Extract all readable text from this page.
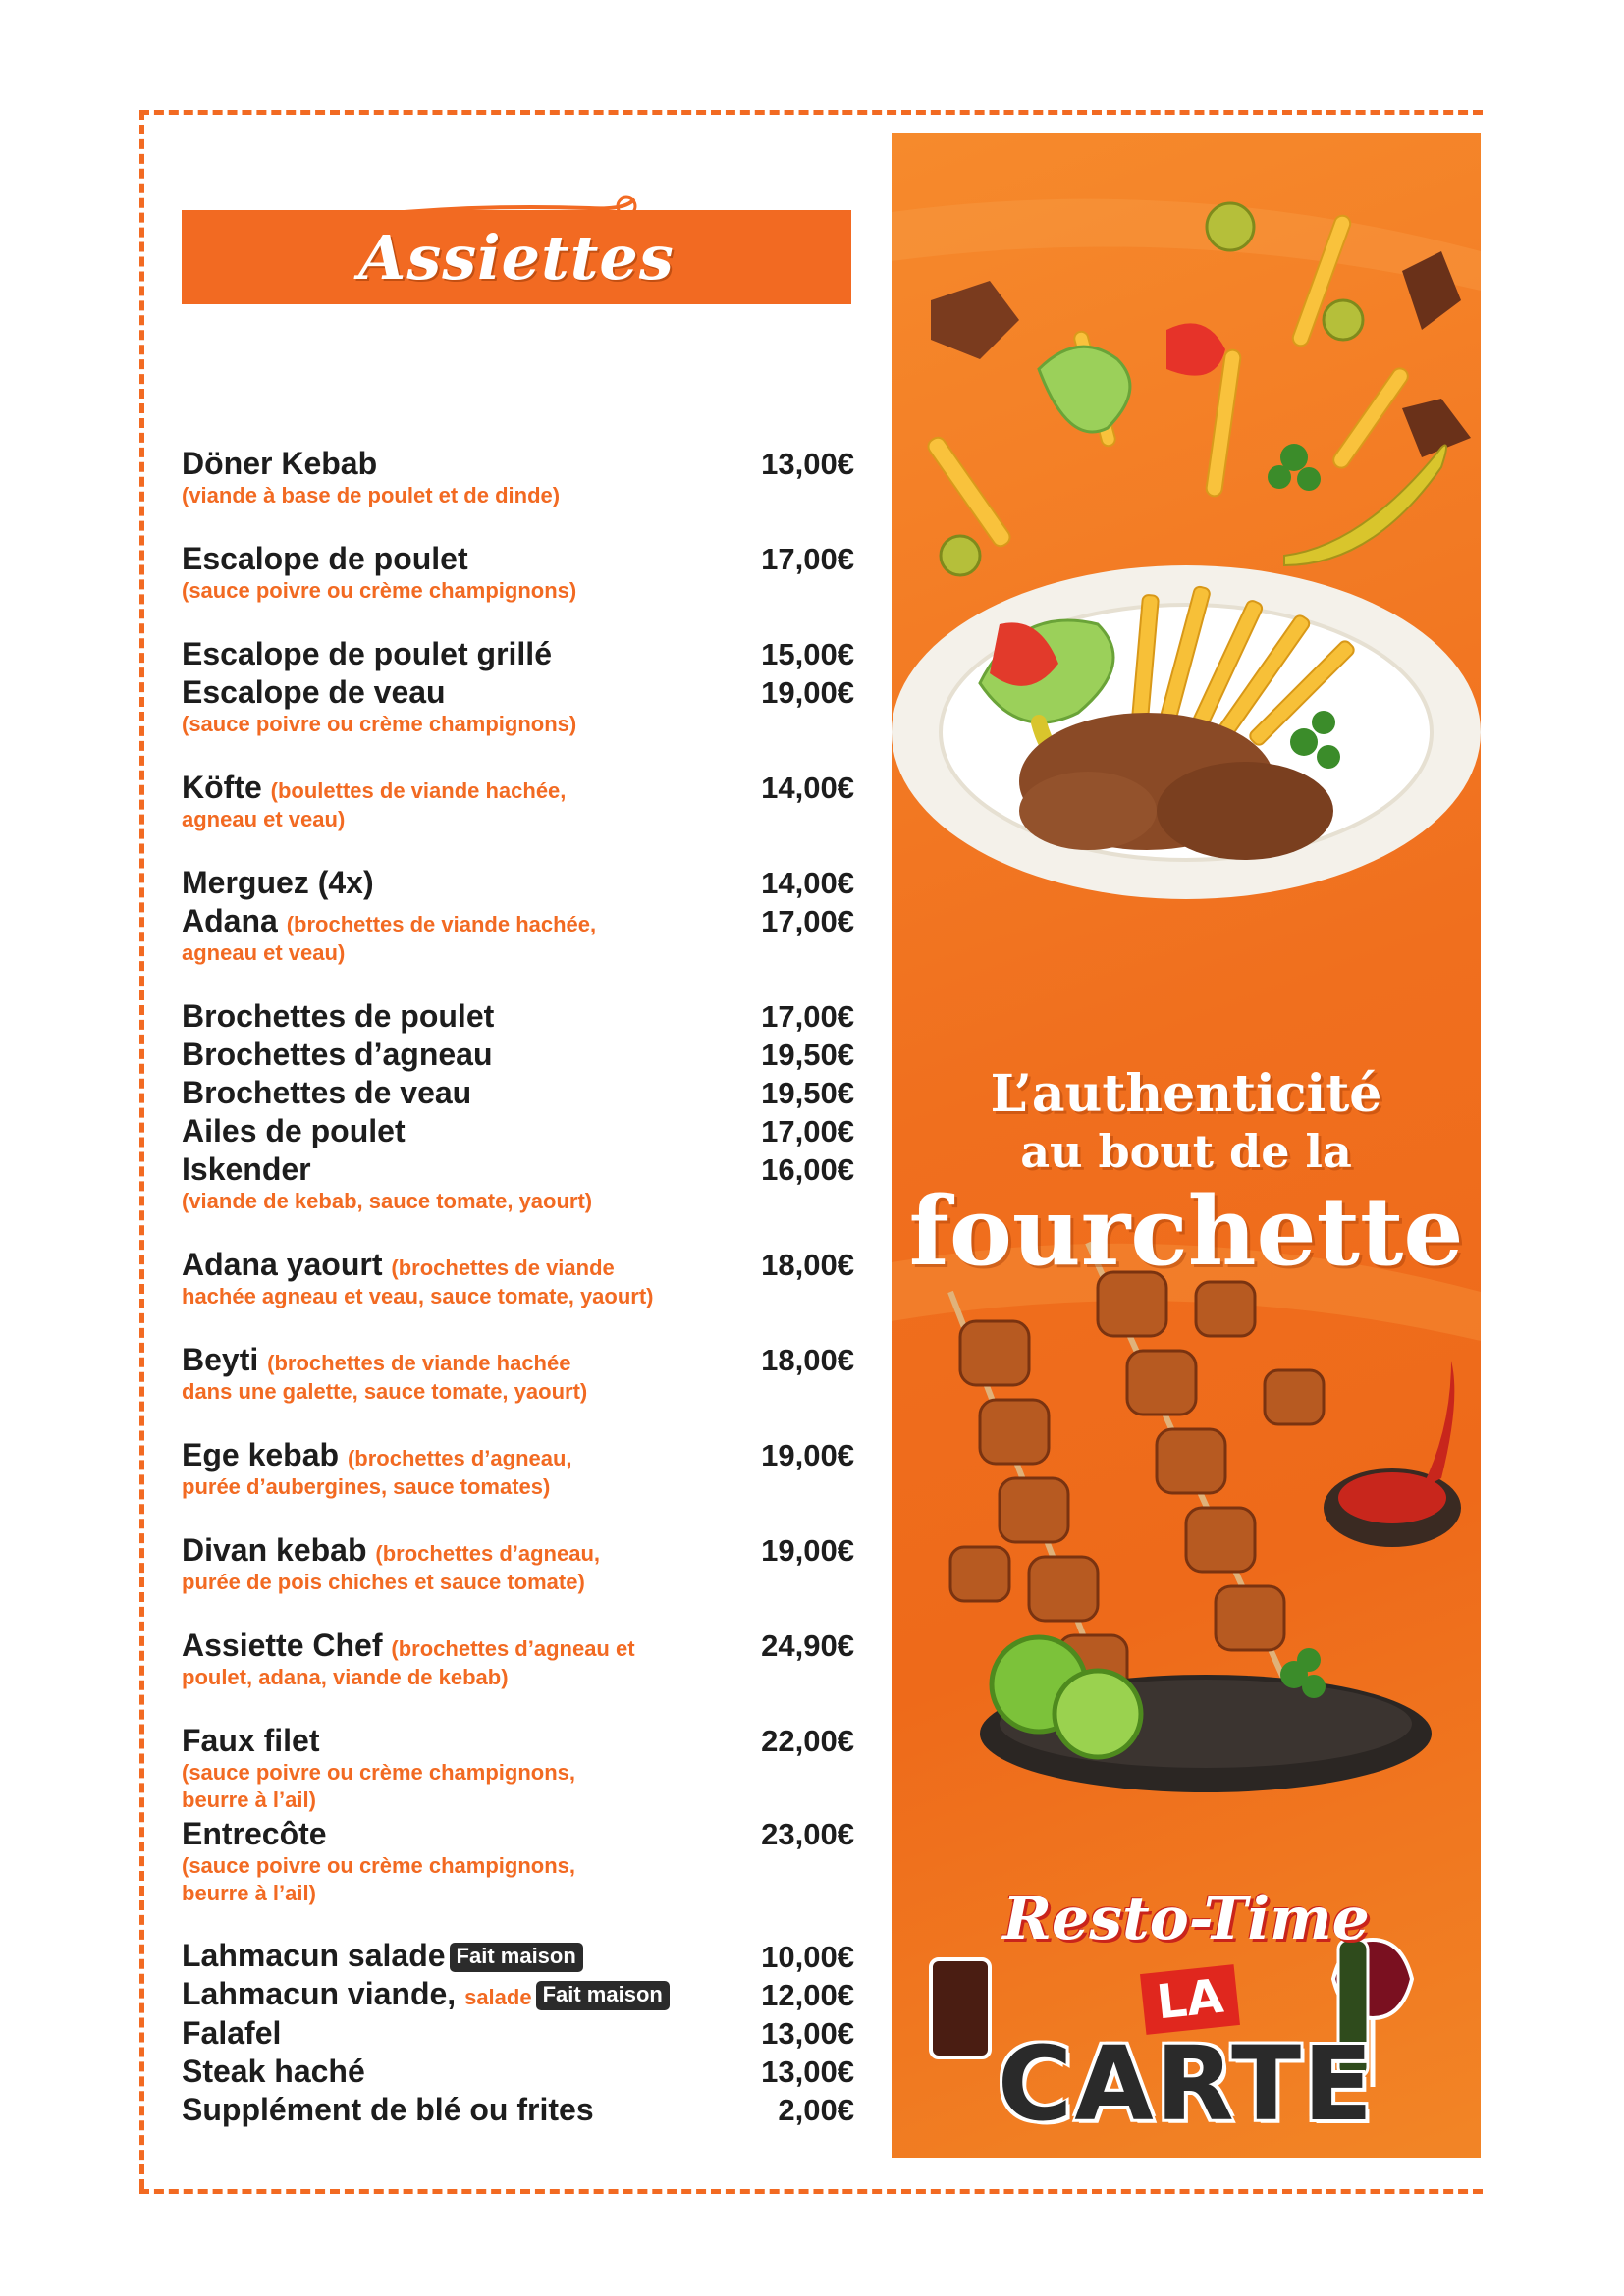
Assiettes
Döner Kebab	13,00€
(viande à base de poulet et de dinde)
Escalope de poulet	17,00€
(sauce poivre ou crème champignons)
Escalope de poulet grillé	15,00€
Escalope de veau	19,00€
(sauce poivre ou crème champignons)
Köfte (boulettes de viande hachée,	14,00€
agneau et veau)
Merguez (4x)	14,00€
Adana (brochettes de viande hachée,	17,00€
agneau et veau)
Brochettes de poulet	17,00€
Brochettes d’agneau	19,50€
Brochettes de veau	19,50€
Ailes de poulet	17,00€
Iskender	16,00€
(viande de kebab, sauce tomate, yaourt)
Adana yaourt (brochettes de viande	18,00€
hachée agneau et veau, sauce tomate, yaourt)
Beyti (brochettes de viande hachée	18,00€
dans une galette, sauce tomate, yaourt)
Ege kebab (brochettes d’agneau,	19,00€
purée d’aubergines, sauce tomates)
Divan kebab (brochettes d’agneau,	19,00€
purée de pois chiches et sauce tomate)
Assiette Chef (brochettes d’agneau et	24,90€
poulet, adana, viande de kebab)
Faux filet	22,00€
(sauce poivre ou crème champignons,
beurre à l’ail)
Entrecôte	23,00€
(sauce poivre ou crème champignons,
beurre à l’ail)
Lahmacun salade Fait maison	10,00€
Lahmacun viande, salade Fait maison	12,00€
Falafel	13,00€
Steak haché	13,00€
Supplément de blé ou frites	2,00€
L’authenticité
au bout de la
fourchette
Resto-Time
LA
CARTE
